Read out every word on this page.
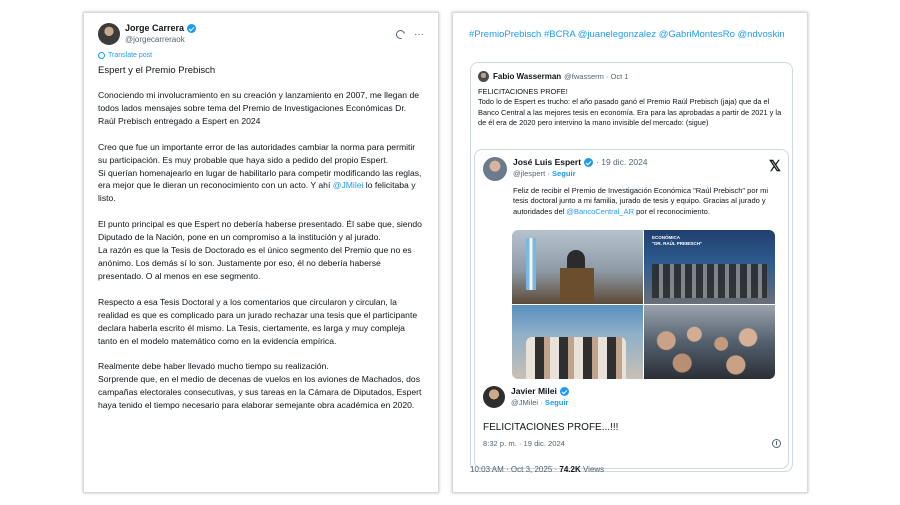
Jorge Carrera
@jorgecarreraok	···
Translate post
Espert y el Premio Prebisch
Conociendo mi involucramiento en su creación y lanzamiento en 2007, me llegan de todos lados mensajes sobre tema del Premio de Investigaciones Económicas Dr. Raúl Prebisch entregado a Espert en 2024
Creo que fue un importante error de las autoridades cambiar la norma para permitir su participación. Es muy probable que haya sido a pedido del propio Espert.
Si querían homenajearlo en lugar de habilitarlo para competir modificando las reglas, era mejor que le dieran un reconocimiento con un acto. Y ahí @JMilei lo felicitaba y listo.
El punto principal es que Espert no debería haberse presentado. Él sabe que, siendo Diputado de la Nación, pone en un compromiso a la institución y al jurado.
La razón es que la Tesis de Doctorado es el único segmento del Premio que no es anónimo. Los demás sí lo son. Justamente por eso, él no debería haberse presentado. O al menos en ese segmento.
Respecto a esa Tesis Doctoral y a los comentarios que circularon y circulan, la realidad es que es complicado para un jurado rechazar una tesis que el participante declara haberla escrito él mismo. La Tesis, ciertamente, es larga y muy compleja tanto en el modelo matemático como en la evidencia empírica.
Realmente debe haber llevado mucho tiempo su realización.
Sorprende que, en el medio de decenas de vuelos en los aviones de Machados, dos campañas electorales consecutivas, y sus tareas en la Cámara de Diputados, Espert haya tenido el tiempo necesario para elaborar semejante obra académica en 2020.
#PremioPrebisch #BCRA @juanelegonzalez @GabriMontesRo @ndvoskin
Fabio Wasserman @fwasserm · Oct 1
FELICITACIONES PROFE!
Todo lo de Espert es trucho: el año pasado ganó el Premio Raúl Prebisch (jaja) que da el Banco Central a las mejores tesis en economía. Era para las aprobadas a partir de 2021 y la de él era de 2020 pero intervino la mano invisible del mercado: (sigue)
José Luis Espert · 19 dic. 2024
@jlespert · Seguir	𝕏
Feliz de recibir el Premio de Investigación Económica "Raúl Prebisch" por mi tesis doctoral junto a mi familia, jurado de tesis y equipo. Gracias al jurado y autoridades del @BancoCentral_AR por el reconocimiento.
ECONÓMICA
"DR. RAÚL PREBISCH"
Javier Milei
@JMilei · Seguir
FELICITACIONES PROFE...!!!
8:32 p. m. · 19 dic. 2024
10:03 AM · Oct 3, 2025 · 74.2K Views
